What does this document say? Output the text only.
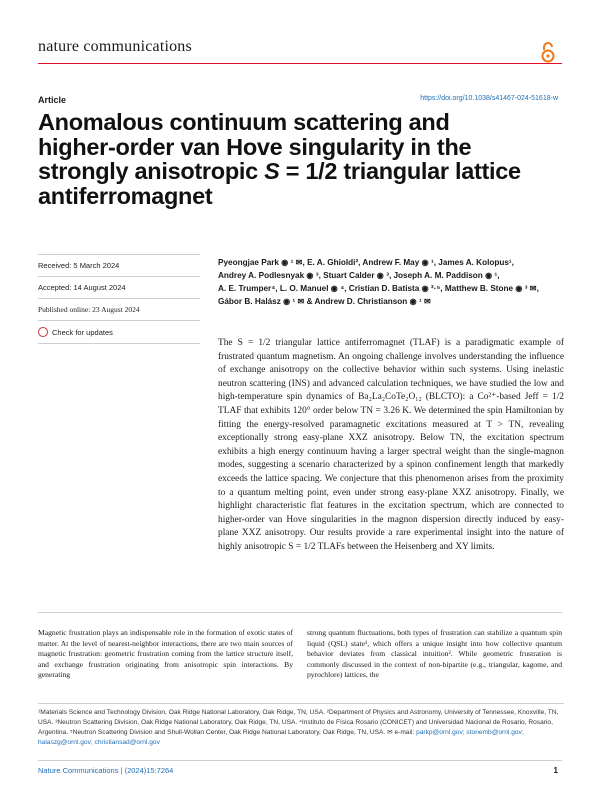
nature communications
Article	https://doi.org/10.1038/s41467-024-51618-w
Anomalous continuum scattering and
higher-order van Hove singularity in the
strongly anisotropic S = 1/2 triangular lattice
antiferromagnet
Received: 5 March 2024
Accepted: 14 August 2024
Published online: 23 August 2024
Check for updates
Pyeongjae Park ◉ ¹ ✉, E. A. Ghioldi², Andrew F. May ◉ ¹, James A. Kolopus¹,
Andrey A. Podlesnyak ◉ ³, Stuart Calder ◉ ³, Joseph A. M. Paddison ◉ ¹,
A. E. Trumper⁴, L. O. Manuel ◉ ⁴, Cristian D. Batista ◉ ²·⁵, Matthew B. Stone ◉ ³ ✉,
Gábor B. Halász ◉ ¹ ✉ & Andrew D. Christianson ◉ ¹ ✉
The S = 1/2 triangular lattice antiferromagnet (TLAF) is a paradigmatic example of frustrated quantum magnetism. An ongoing challenge involves understanding the influence of exchange anisotropy on the collective behavior within such systems. Using inelastic neutron scattering (INS) and advanced calculation techniques, we have studied the low and high-temperature spin dynamics of Ba₂La₂CoTe₂O₁₂ (BLCTO): a Co²⁺-based Jeff = 1/2 TLAF that exhibits 120° order below TN = 3.26 K. We determined the spin Hamiltonian by fitting the energy-resolved paramagnetic excitations measured at T > TN, revealing exceptionally strong easy-plane XXZ anisotropy. Below TN, the excitation spectrum exhibits a high energy continuum having a larger spectral weight than the single-magnon modes, suggesting a scenario characterized by a spinon confinement length that markedly exceeds the lattice spacing. We conjecture that this phenomenon arises from the proximity to a quantum melting point, even under strong easy-plane XXZ anisotropy. Finally, we highlight characteristic flat features in the excitation spectrum, which are connected to higher-order van Hove singularities in the magnon dispersion directly induced by easy-plane XXZ anisotropy. Our results provide a rare experimental insight into the nature of highly anisotropic S = 1/2 TLAFs between the Heisenberg and XY limits.
Magnetic frustration plays an indispensable role in the formation of exotic states of matter. At the level of nearest-neighbor interactions, there are two main sources of magnetic frustration: geometric frustration coming from the lattice structure itself, and exchange frustration originating from anisotropic spin interactions. By generating
strong quantum fluctuations, both types of frustration can stabilize a quantum spin liquid (QSL) state¹, which offers a unique insight into how collective quantum behavior deviates from classical intuition². While geometric frustration is commonly discussed in the context of non-bipartite (e.g., triangular, kagome, and pyrochlore) lattices, the
¹Materials Science and Technology Division, Oak Ridge National Laboratory, Oak Ridge, TN, USA. ²Department of Physics and Astronomy, University of Tennessee, Knoxville, TN, USA. ³Neutron Scattering Division, Oak Ridge National Laboratory, Oak Ridge, TN, USA. ⁴Instituto de Física Rosario (CONICET) and Universidad Nacional de Rosario, Rosario, Argentina. ⁵Neutron Scattering Division and Shull-Wollan Center, Oak Ridge National Laboratory, Oak Ridge, TN, USA. ✉ e-mail: parkp@ornl.gov; stonemb@ornl.gov; halaszg@ornl.gov; christiansad@ornl.gov
Nature Communications | (2024)15:7264	1
